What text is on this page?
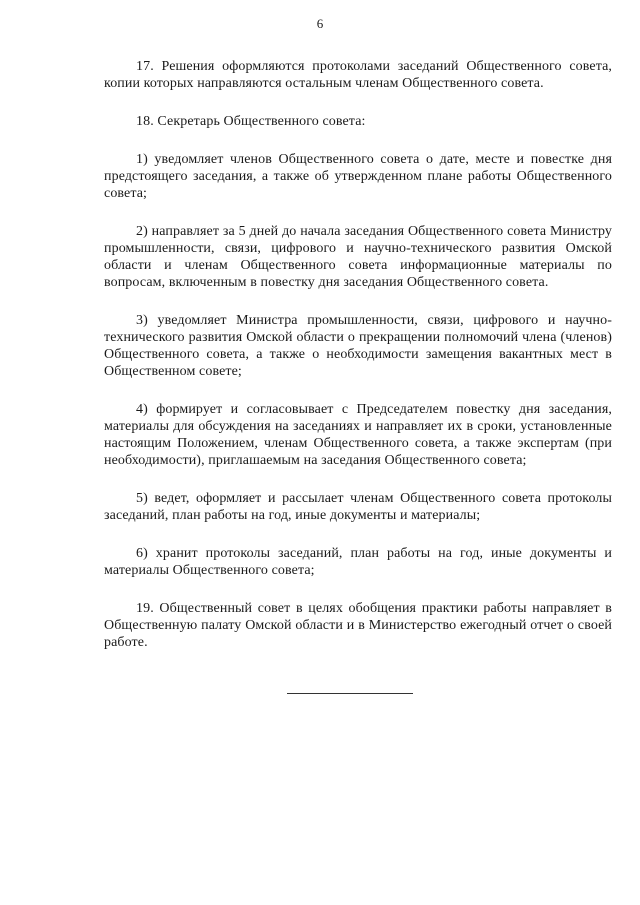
6

17. Решения оформляются протоколами заседаний Общественного совета, копии которых направляются остальным членам Общественного совета.

18. Секретарь Общественного совета:

1) уведомляет членов Общественного совета о дате, месте и повестке дня предстоящего заседания, а также об утвержденном плане работы Общественного совета;

2) направляет за 5 дней до начала заседания Общественного совета Министру промышленности, связи, цифрового и научно-технического развития Омской области и членам Общественного совета информационные материалы по вопросам, включенным в повестку дня заседания Общественного совета.

3) уведомляет Министра промышленности, связи, цифрового и научно-технического развития Омской области о прекращении полномочий члена (членов) Общественного совета, а также о необходимости замещения вакантных мест в Общественном совете;

4) формирует и согласовывает с Председателем повестку дня заседания, материалы для обсуждения на заседаниях и направляет их в сроки, установленные настоящим Положением, членам Общественного совета, а также экспертам (при необходимости), приглашаемым на заседания Общественного совета;

5) ведет, оформляет и рассылает членам Общественного совета протоколы заседаний, план работы на год, иные документы и материалы;

6) хранит протоколы заседаний, план работы на год, иные документы и материалы Общественного совета;

19. Общественный совет в целях обобщения практики работы направляет в Общественную палату Омской области и в Министерство ежегодный отчет о своей работе.
